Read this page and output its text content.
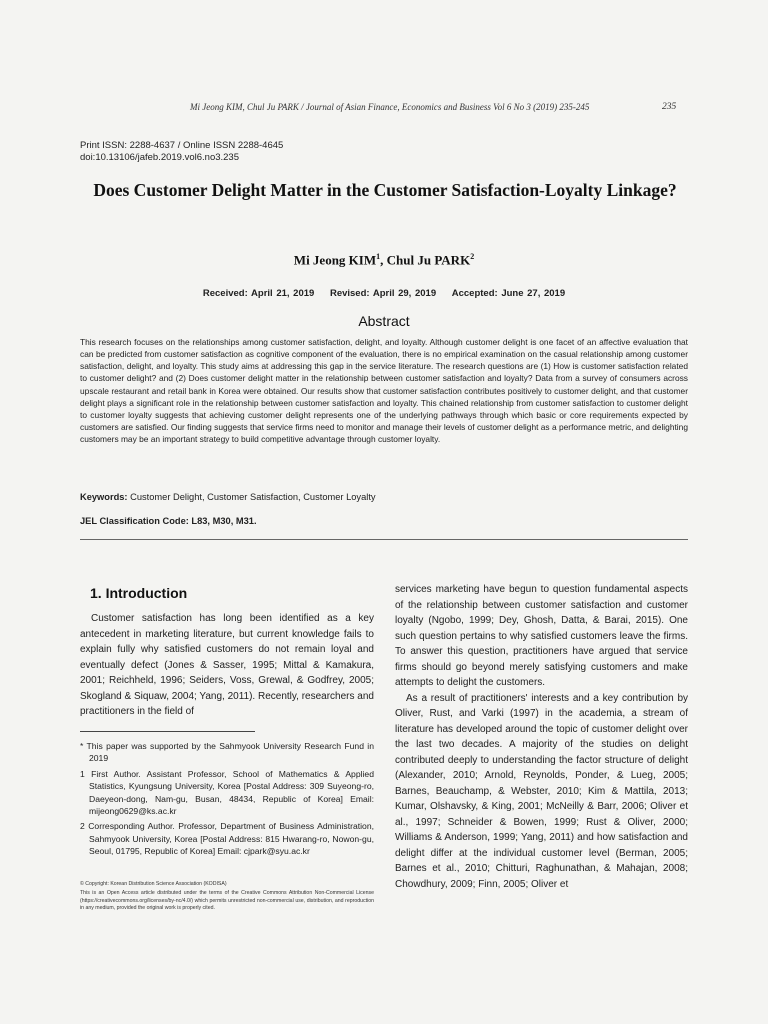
Mi Jeong KIM, Chul Ju PARK / Journal of Asian Finance, Economics and Business Vol 6 No 3 (2019) 235-245	235
Print ISSN: 2288-4637 / Online ISSN 2288-4645
doi:10.13106/jafeb.2019.vol6.no3.235
Does Customer Delight Matter in the Customer Satisfaction-Loyalty Linkage?
Mi Jeong KIM$^1$, Chul Ju PARK$^2$
Received: April 21, 2019 Revised: April 29, 2019 Accepted: June 27, 2019
Abstract
This research focuses on the relationships among customer satisfaction, delight, and loyalty. Although customer delight is one facet of an affective evaluation that can be predicted from customer satisfaction as cognitive component of the evaluation, there is no empirical examination on the casual relationship among customer satisfaction, delight, and loyalty. This study aims at addressing this gap in the service literature. The research questions are (1) How is customer satisfaction related to customer delight? and (2) Does customer delight matter in the relationship between customer satisfaction and loyalty? Data from a survey of consumers across upscale restaurant and retail bank in Korea were obtained. Our results show that customer satisfaction contributes positively to customer delight, and that customer delight plays a significant role in the relationship between customer satisfaction and loyalty. This chained relationship from customer satisfaction to customer delight to customer loyalty suggests that achieving customer delight represents one of the underlying pathways through which basic or core requirements expected by customers are satisfied. Our finding suggests that service firms need to monitor and manage their levels of customer delight as a performance metric, and delighting customers may be an important strategy to build competitive advantage through customer loyalty.
Keywords: Customer Delight, Customer Satisfaction, Customer Loyalty
JEL Classification Code: L83, M30, M31.
1. Introduction

Customer satisfaction has long been identified as a key antecedent in marketing literature, but current knowledge fails to explain fully why satisfied customers do not remain loyal and eventually defect (Jones & Sasser, 1995; Mittal & Kamakura, 2001; Reichheld, 1996; Seiders, Voss, Grewal, & Godfrey, 2005; Skogland & Siquaw, 2004; Yang, 2011). Recently, researchers and practitioners in the field of

services marketing have begun to question fundamental aspects of the relationship between customer satisfaction and customer loyalty (Ngobo, 1999; Dey, Ghosh, Datta, & Barai, 2015). One such question pertains to why satisfied customers leave the firms. To answer this question, practitioners have argued that service firms should go beyond merely satisfying customers and make attempts to delight the customers.

As a result of practitioners' interests and a key contribution by Oliver, Rust, and Varki (1997) in the academia, a stream of literature has developed around the topic of customer delight over the last two decades. A majority of the studies on delight contributed deeply to understanding the factor structure of delight (Alexander, 2010; Arnold, Reynolds, Ponder, & Lueg, 2005; Barnes, Beauchamp, & Webster, 2010; Kim & Mattila, 2013; Kumar, Olshavsky, & King, 2001; McNeilly & Barr, 2006; Oliver et al., 1997; Schneider & Bowen, 1999; Rust & Oliver, 2000; Williams & Anderson, 1999; Yang, 2011) and how satisfaction and delight differ at the individual customer level (Berman, 2005; Barnes et al., 2010; Chitturi, Raghunathan, & Mahajan, 2008; Chowdhury, 2009; Finn, 2005; Oliver et

* This paper was supported by the Sahmyook University Research Fund in 2019

1 First Author. Assistant Professor, School of Mathematics & Applied Statistics, Kyungsung University, Korea [Postal Address: 309 Suyeong-ro, Daeyeon-dong, Nam-gu, Busan, 48434, Republic of Korea] Email: mijeong0629@ks.ac.kr

2 Corresponding Author. Professor, Department of Business Administration, Sahmyook University, Korea [Postal Address: 815 Hwarang-ro, Nowon-gu, Seoul, 01795, Republic of Korea] Email: cjpark@syu.ac.kr

© Copyright: Korean Distribution Science Association (KODISA)
This is an Open Access article distributed under the terms of the Creative Commons Attribution Non-Commercial License (https://creativecommons.org/licenses/by-nc/4.0/) which permits unrestricted non-commercial use, distribution, and reproduction in any medium, provided the original work is properly cited.
